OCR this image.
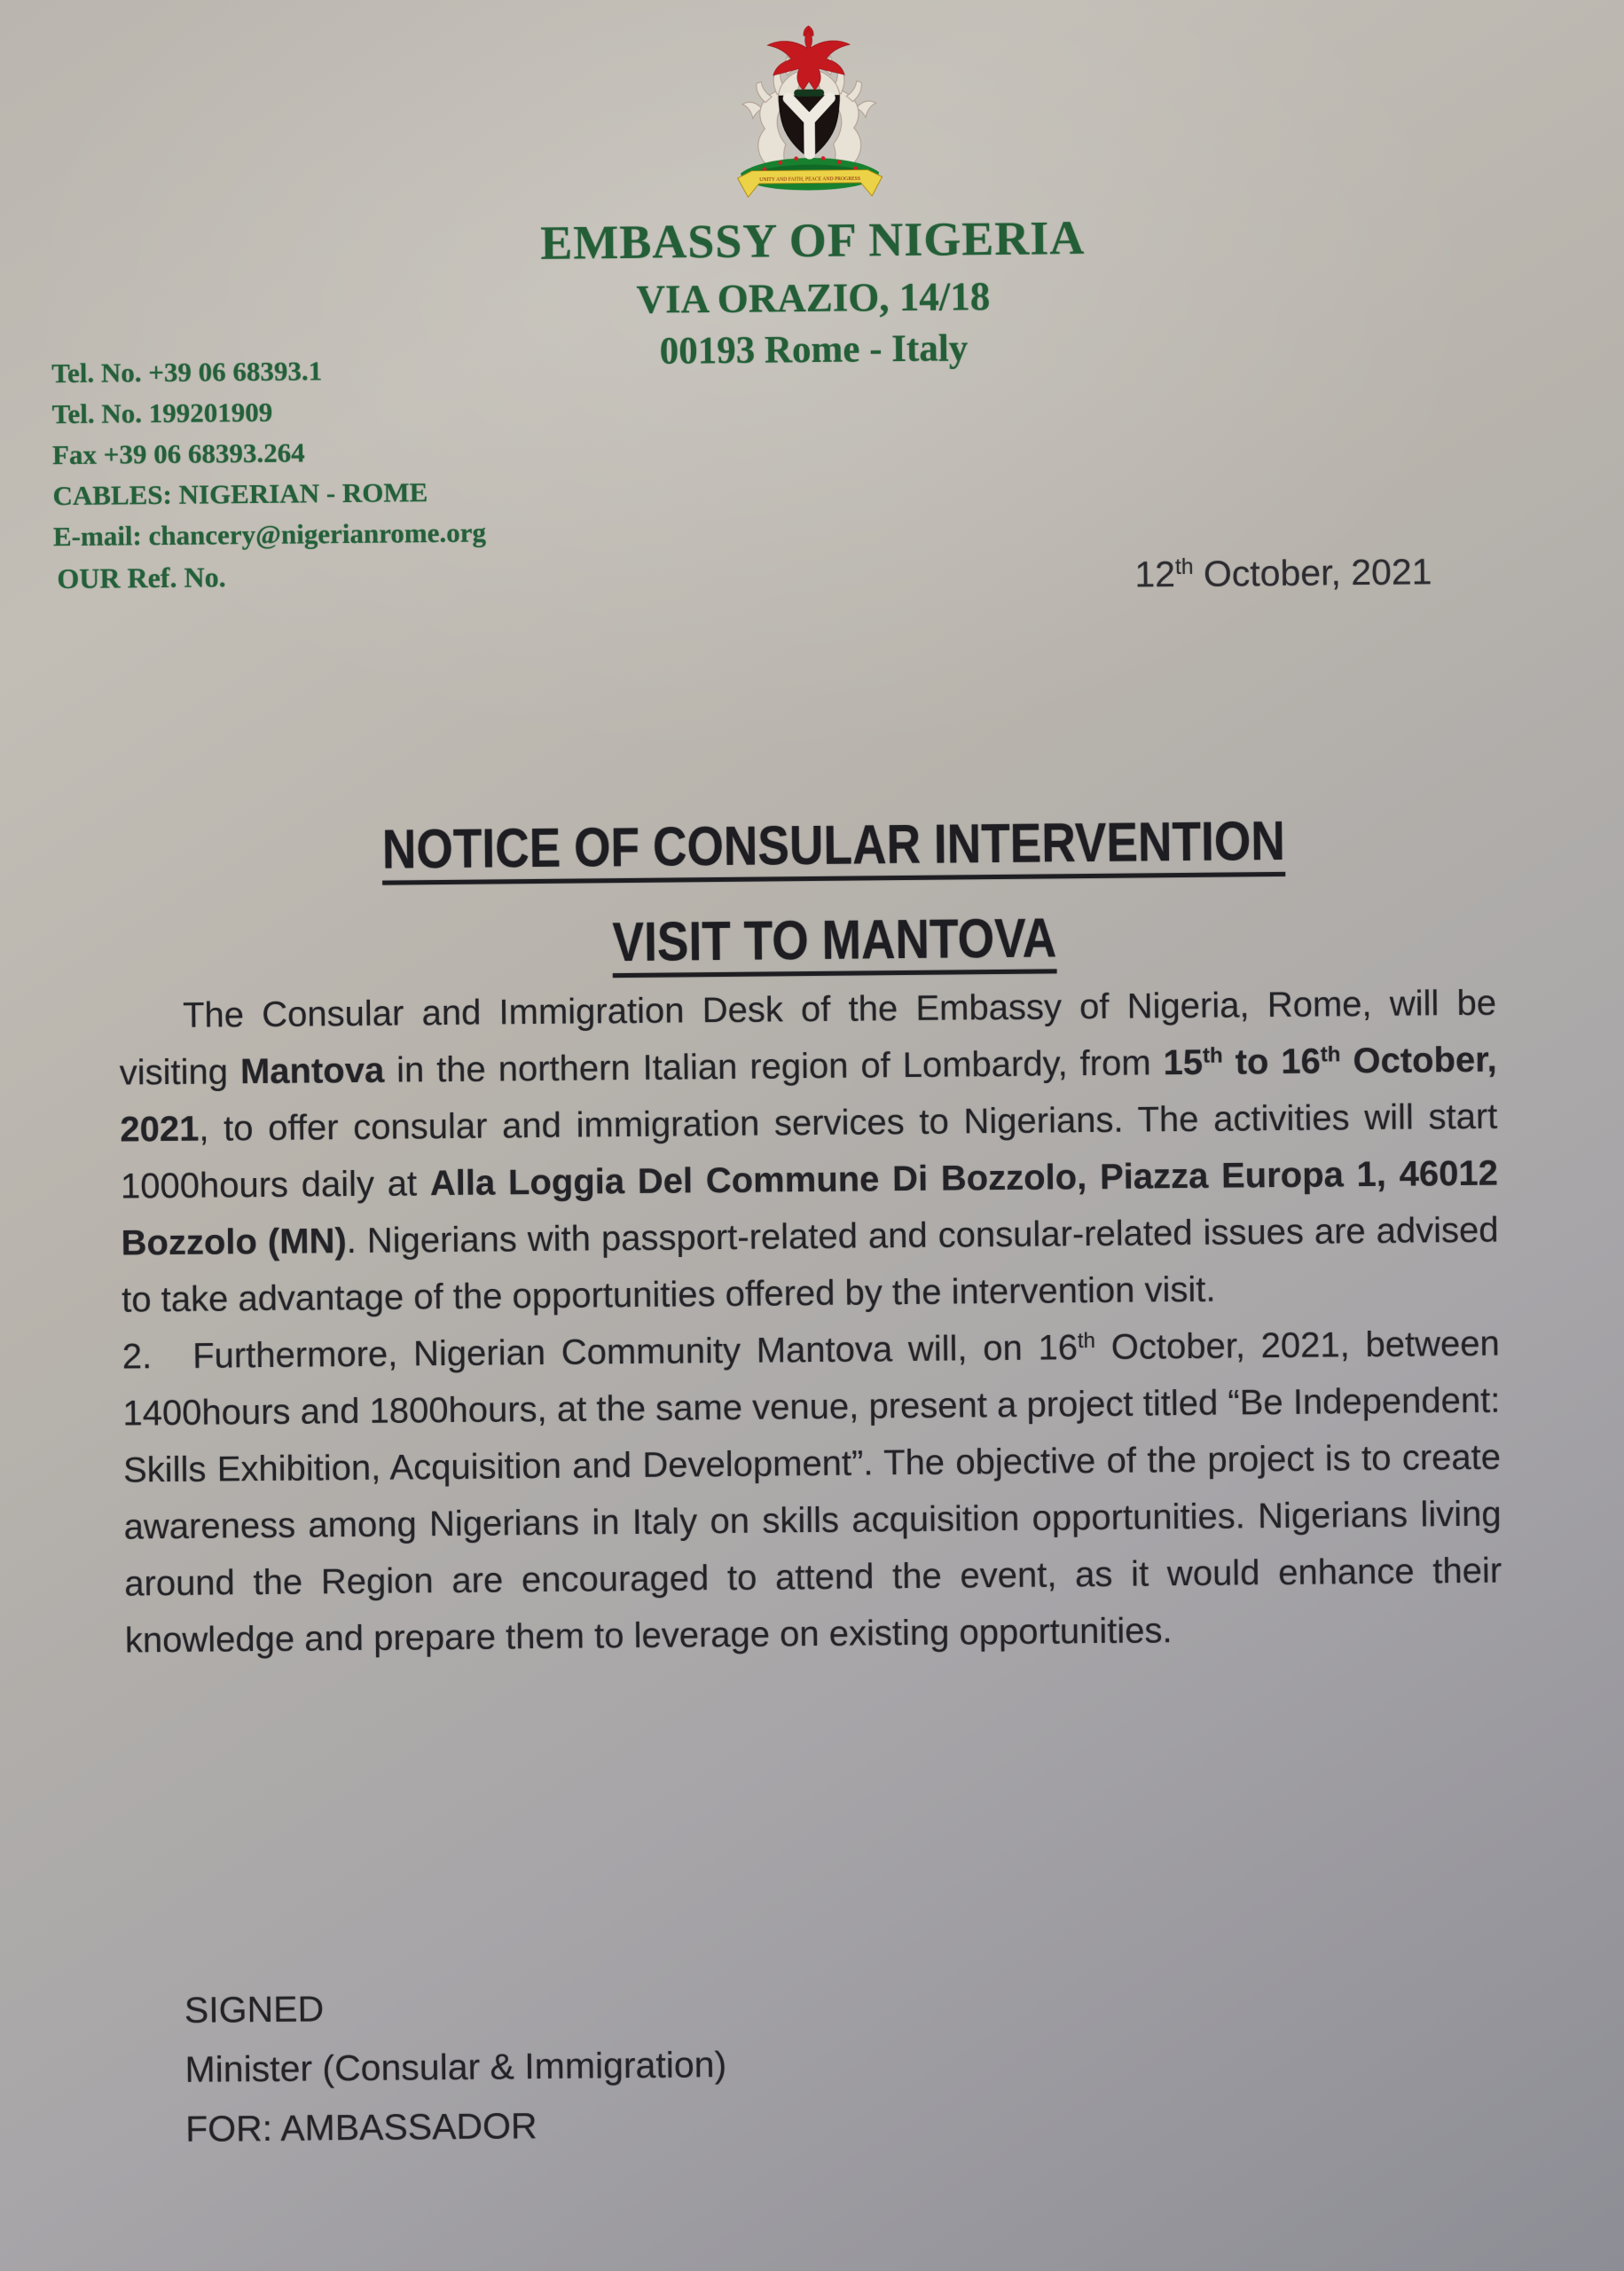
UNITY AND FAITH, PEACE AND PROGRESS
EMBASSY OF NIGERIA
VIA ORAZIO, 14/18
00193 Rome - Italy
Tel. No. +39 06 68393.1
Tel. No. 199201909
Fax +39 06 68393.264
CABLES: NIGERIAN - ROME
E-mail: chancery@nigerianrome.org
OUR Ref. No.	12th October, 2021
NOTICE OF CONSULAR INTERVENTION
VISIT TO MANTOVA

The Consular and Immigration Desk of the Embassy of Nigeria, Rome, will be visiting Mantova in the northern Italian region of Lombardy, from 15th to 16th October, 2021, to offer consular and immigration services to Nigerians. The activities will start 1000hours daily at Alla Loggia Del Commune Di Bozzolo, Piazza Europa 1, 46012 Bozzolo (MN). Nigerians with passport-related and consular-related issues are advised to take advantage of the opportunities offered by the intervention visit.

2. Furthermore, Nigerian Community Mantova will, on 16th October, 2021, between 1400hours and 1800hours, at the same venue, present a project titled “Be Independent: Skills Exhibition, Acquisition and Development”. The objective of the project is to create awareness among Nigerians in Italy on skills acquisition opportunities. Nigerians living around the Region are encouraged to attend the event, as it would enhance their knowledge and prepare them to leverage on existing opportunities.

SIGNED
Minister (Consular & Immigration)
FOR: AMBASSADOR
